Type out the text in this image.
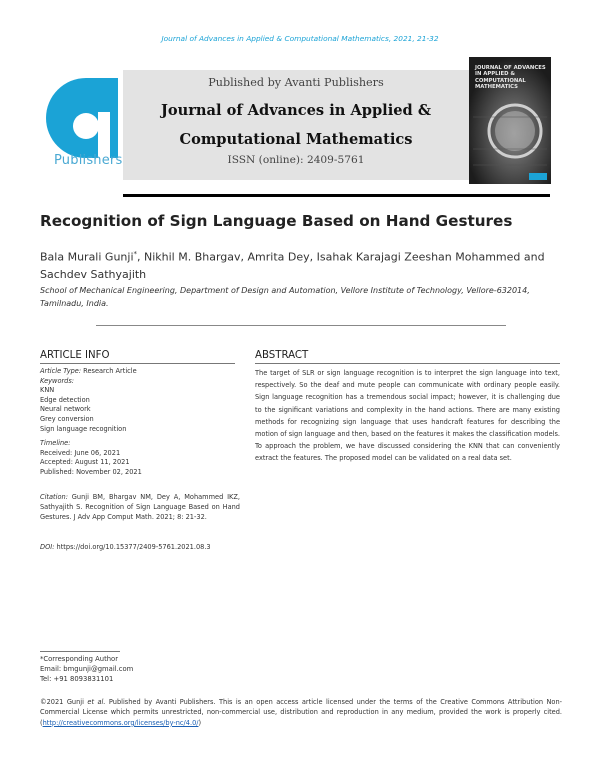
Journal of Advances in Applied & Computational Mathematics, 2021, 21-32
Publishers
Published by Avanti Publishers
Journal of Advances in Applied &
Computational Mathematics
ISSN (online): 2409-5761
JOURNAL OF ADVANCES IN APPLIED & COMPUTATIONAL MATHEMATICS
Recognition of Sign Language Based on Hand Gestures
Bala Murali Gunji*, Nikhil M. Bhargav, Amrita Dey, Isahak Karajagi Zeeshan Mohammed and Sachdev Sathyajith
School of Mechanical Engineering, Department of Design and Automation, Vellore Institute of Technology, Vellore-632014, Tamilnadu, India.
ARTICLE INFO	ABSTRACT
Article Type: Research Article
Keywords:
KNN
Edge detection
Neural network
Grey conversion
Sign language recognition
Timeline:
Received: June 06, 2021
Accepted: August 11, 2021
Published: November 02, 2021
Citation: Gunji BM, Bhargav NM, Dey A, Mohammed IKZ, Sathyajith S. Recognition of Sign Language Based on Hand Gestures. J Adv App Comput Math. 2021; 8: 21-32.
DOI: https://doi.org/10.15377/2409-5761.2021.08.3
The target of SLR or sign language recognition is to interpret the sign language into text, respectively. So the deaf and mute people can communicate with ordinary people easily. Sign language recognition has a tremendous social impact; however, it is challenging due to the significant variations and complexity in the hand actions. There are many existing methods for recognizing sign language that uses handcraft features for describing the motion of sign language and then, based on the features it makes the classification models. To approach the problem, we have discussed considering the KNN that can conveniently extract the features. The proposed model can be validated on a real data set.
*Corresponding Author
Email: bmgunji@gmail.com
Tel: +91 8093831101
©2021 Gunji et al. Published by Avanti Publishers. This is an open access article licensed under the terms of the Creative Commons Attribution Non-Commercial License which permits unrestricted, non-commercial use, distribution and reproduction in any medium, provided the work is properly cited. (http://creativecommons.org/licenses/by-nc/4.0/)
